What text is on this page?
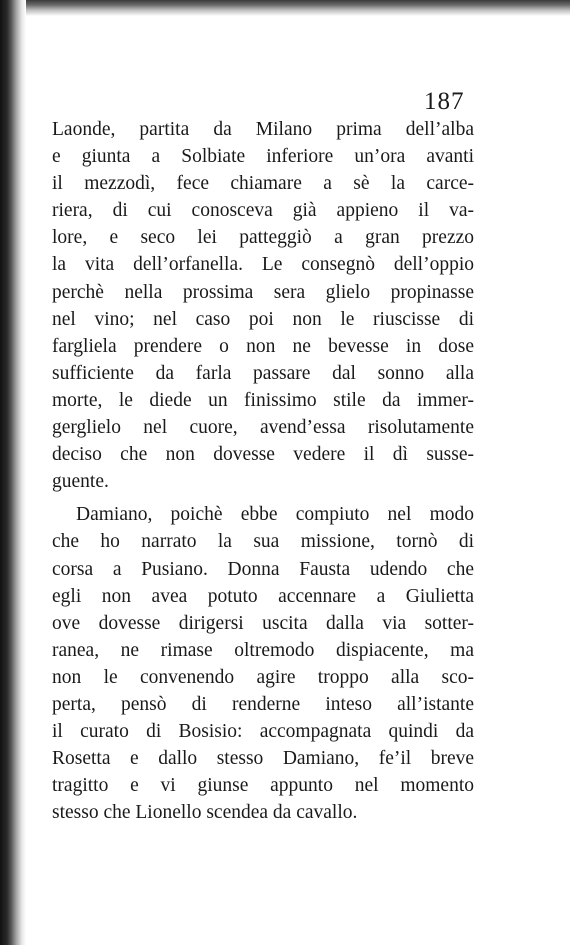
187
Laonde, partita da Milano prima dell’alba
e giunta a Solbiate inferiore un’ora avanti
il mezzodì, fece chiamare a sè la carce-
riera, di cui conosceva già appieno il va-
lore, e seco lei patteggiò a gran prezzo
la vita dell’orfanella. Le consegnò dell’oppio
perchè nella prossima sera glielo propinasse
nel vino; nel caso poi non le riuscisse di
fargliela prendere o non ne bevesse in dose
sufficiente da farla passare dal sonno alla
morte, le diede un finissimo stile da immer-
gerglielo nel cuore, avend’essa risolutamente
deciso che non dovesse vedere il dì susse-
guente.
Damiano, poichè ebbe compiuto nel modo
che ho narrato la sua missione, tornò di
corsa a Pusiano. Donna Fausta udendo che
egli non avea potuto accennare a Giulietta
ove dovesse dirigersi uscita dalla via sotter-
ranea, ne rimase oltremodo dispiacente, ma
non le convenendo agire troppo alla sco-
perta, pensò di renderne inteso all’istante
il curato di Bosisio: accompagnata quindi da
Rosetta e dallo stesso Damiano, fe’il breve
tragitto e vi giunse appunto nel momento
stesso che Lionello scendea da cavallo.
